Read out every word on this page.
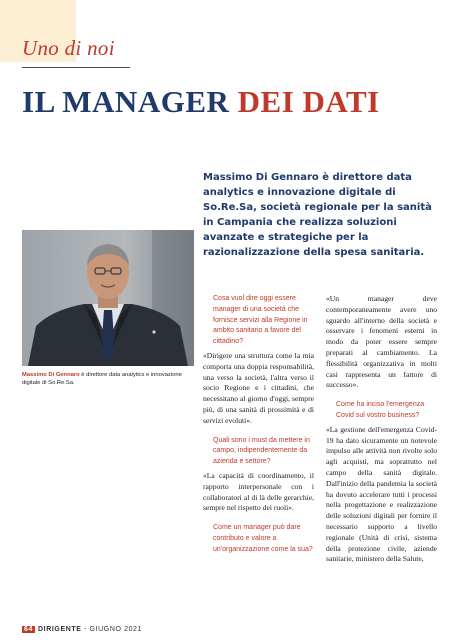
Uno di noi
IL MANAGER DEI DATI

Massimo Di Gennaro è direttore data analytics e innovazione digitale di So.Re.Sa, società regionale per la sanità in Campania che realizza soluzioni avanzate e strategiche per la razionalizzazione della spesa sanitaria.

Massimo Di Gennaro è direttore data analytics e innovazione digitale di So.Re.Sa.

Cosa vuol dire oggi essere manager di una società che fornisce servizi alla Regione in ambito sanitario a favore del cittadino?

«Dirigere una struttura come la mia comporta una doppia responsabilità, una verso la società, l'altra verso il socio Regione e i cittadini, che necessitano al giorno d'oggi, sempre più, di una sanità di prossimità e di servizi evoluti».

Quali sono i must da mettere in campo, indipendentemente da azienda e settore?

«La capacità di coordinamento, il rapporto interpersonale con i collaboratori al di là delle gerarchie, sempre nel rispetto dei ruoli».

Come un manager può dare contributo e valore a un'organizzazione come la sua?

«Un manager deve contemporaneamente avere uno sguardo all'interno della società e osservare i fenomeni esterni in modo da poter essere sempre preparati al cambiamento. La flessibilità organizzativa in molti casi rappresenta un fattore di successo».

Come ha inciso l'emergenza Covid sul vostro business?

«La gestione dell'emergenza Covid-19 ha dato sicuramente un notevole impulso alle attività non rivolte solo agli acquisti, ma soprattutto nel campo della sanità digitale. Dall'inizio della pandemia la società ha dovuto accelerare tutti i processi nella progettazione e realizzazione delle soluzioni digitali per fornire il necessario supporto a livello regionale (Unità di crisi, sistema della protezione civile, aziende sanitarie, ministero della Salute,

64 DIRIGENTE - GIUGNO 2021
